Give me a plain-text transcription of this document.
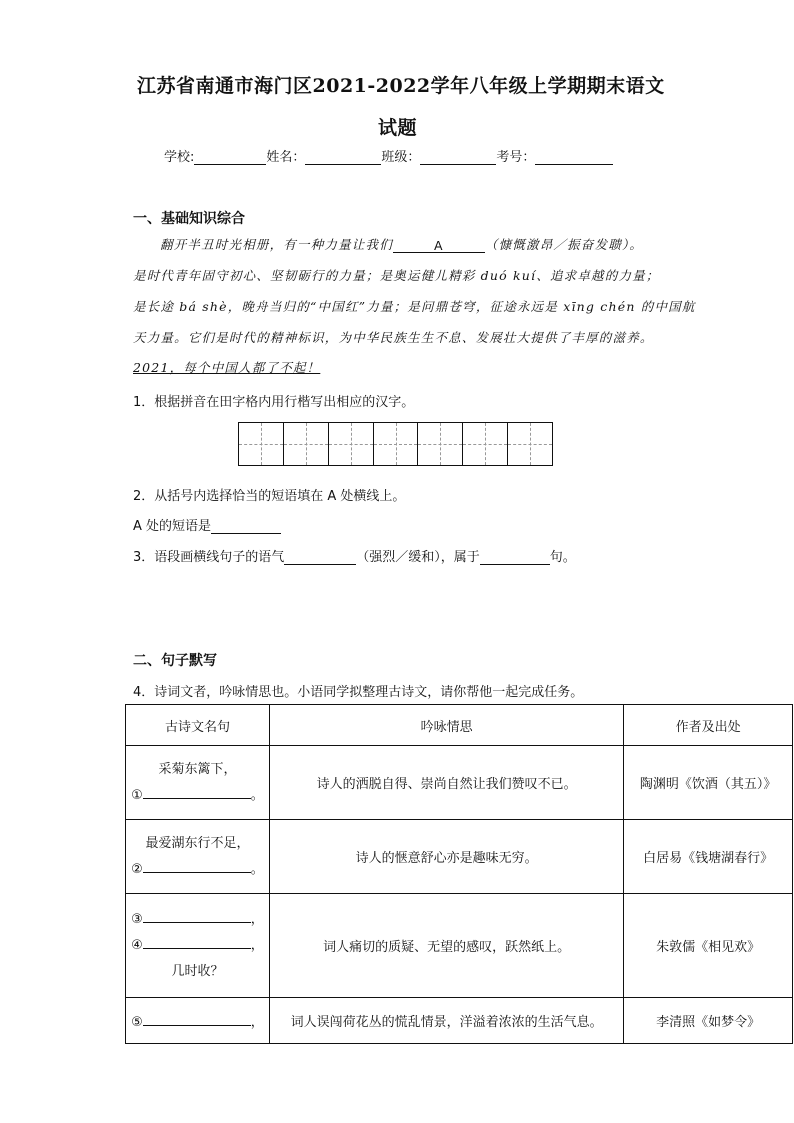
江苏省南通市海门区2021-2022学年八年级上学期期末语文
试题
学校:	姓名：	班级：	考号：
一、基础知识综合
翻开半丑时光相册，有一种力量让我们	A	（慷慨激昂／振奋发聩）。
是时代青年固守初心、坚韧砺行的力量；是奥运健儿精彩 duó kuí、追求卓越的力量；
是长途 bá shè，晚舟当归的“中国红”力量；是问鼎苍穹，征途永远是 xīng chén 的中国航
天力量。它们是时代的精神标识，为中华民族生生不息、发展壮大提供了丰厚的滋养。
2021，每个中国人都了不起！
1．根据拼音在田字格内用行楷写出相应的汉字。
2．从括号内选择恰当的短语填在 A 处横线上。
A 处的短语是
3．语段画横线句子的语气	（强烈／缓和），属于	句。
二、句子默写
4．诗词文者，吟咏情思也。小语同学拟整理古诗文，请你帮他一起完成任务。
古诗文名句	吟咏情思	作者及出处

采菊东篱下，
① 。	诗人的洒脱自得、崇尚自然让我们赞叹不已。	陶渊明《饮酒（其五）》

最爱湖东行不足，
② 。	诗人的惬意舒心亦是趣味无穷。	白居易《钱塘湖春行》

③ ，
④ ，
几时收？	词人痛切的质疑、无望的感叹，跃然纸上。	朱敦儒《相见欢》
⑤ ，	词人误闯荷花丛的慌乱情景，洋溢着浓浓的生活气息。	李清照《如梦令》
